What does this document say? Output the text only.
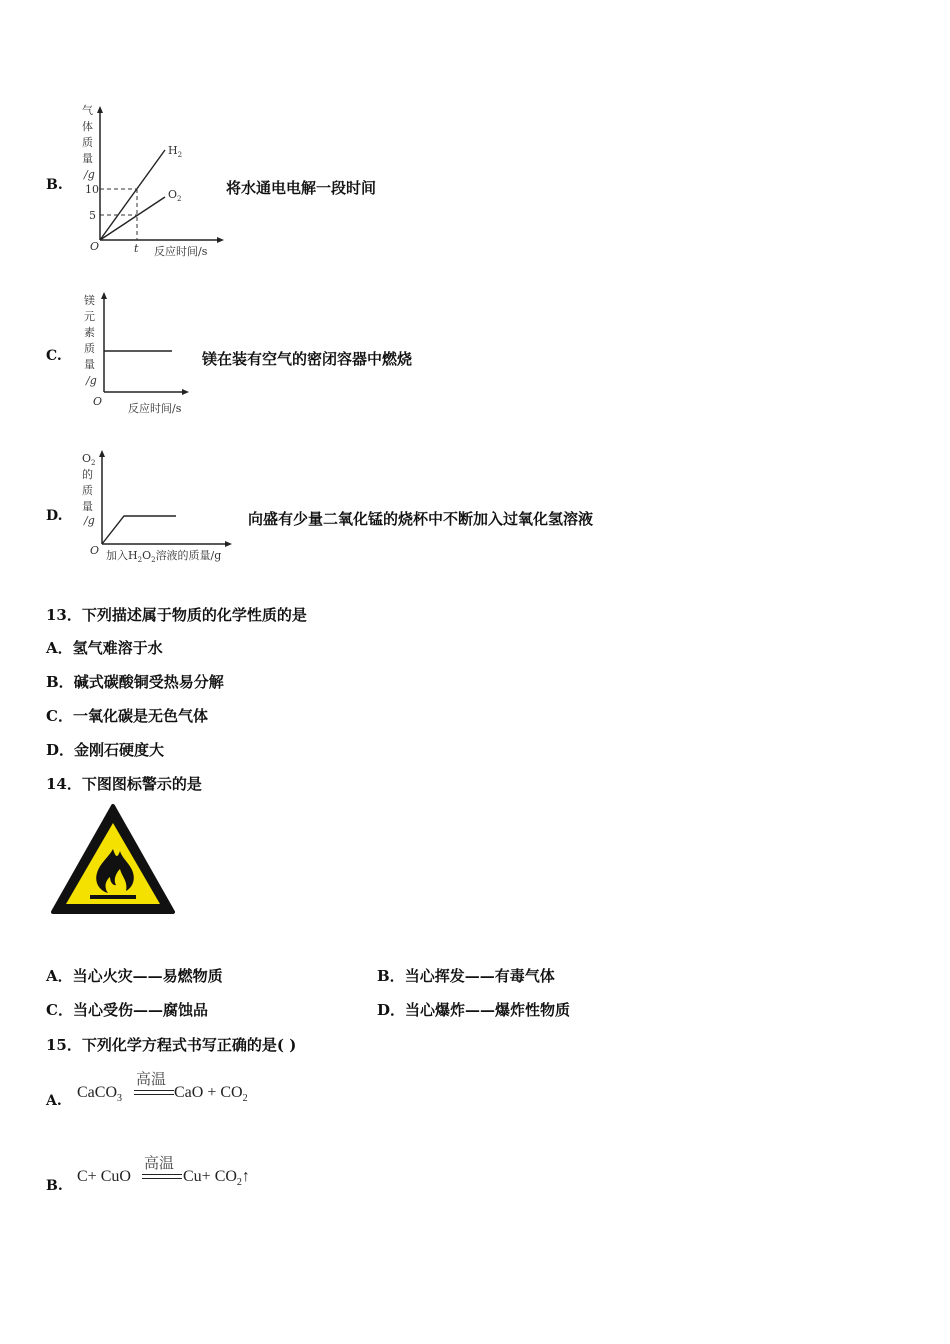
B.
气
体
质
量
/g
10
5
O	t 反应时间/s
$H_2$
$O_2$
将水通电电解一段时间
C.
镁
元
素
质
量
/g
O
反应时间/s
镁在装有空气的密闭容器中燃烧
D.
$O_2$
的
质
量
/g
O 加入$H_2O_2$溶液的质量/g
向盛有少量二氧化锰的烧杯中不断加入过氧化氢溶液
13．下列描述属于物质的化学性质的是
A．氢气难溶于水
B．碱式碳酸铜受热易分解
C．一氧化碳是无色气体
D．金刚石硬度大
14．下图图标警示的是
A．当心火灾——易燃物质	B．当心挥发——有毒气体
C．当心受伤——腐蚀品	D．当心爆炸——爆炸性物质
15．下列化学方程式书写正确的是( )
A. CaCO$_3$
高温
CaO + $CO_2$
B.
C+ CuO
高温
$Cu+ CO_2↑$
